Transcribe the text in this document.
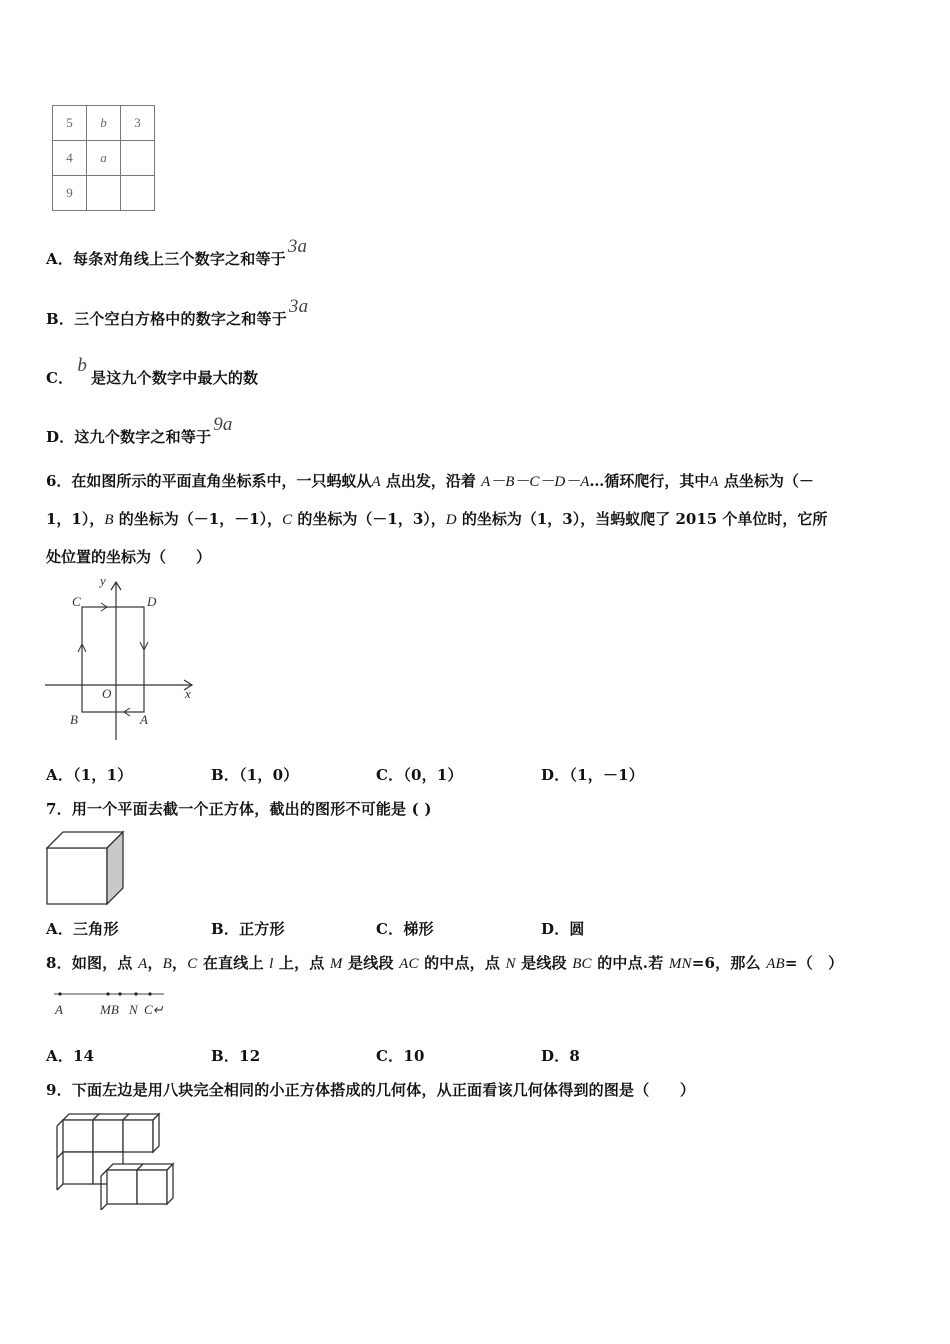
5	b	3
4	a	
9		
A．每条对角线上三个数字之和等于3a
B．三个空白方格中的数字之和等于3a
C．b是这九个数字中最大的数
D．这九个数字之和等于9a
6．在如图所示的平面直角坐标系中，一只蚂蚁从A 点出发，沿着 A－B－C－D－A…循环爬行，其中A 点坐标为（－
1，1），B 的坐标为（－1，－1），C 的坐标为（－1，3），D 的坐标为（1，3），当蚂蚁爬了 2015 个单位时，它所
处位置的坐标为（　　）
C	D
O
B	A
x
y
A．（1，1）	B．（1，0）	C．（0，1）	D．（1，－1）
7．用一个平面去截一个正方体，截出的图形不可能是 ( )
A．三角形	B．正方形	C．梯形	D．圆
8．如图，点 A，B，C 在直线上 l 上，点 M 是线段 AC 的中点，点 N 是线段 BC 的中点.若 MN=6，那么 AB=（　）
A	MB N C↵
A．14	B．12	C．10	D．8
9．下面左边是用八块完全相同的小正方体搭成的几何体，从正面看该几何体得到的图是（　　）
